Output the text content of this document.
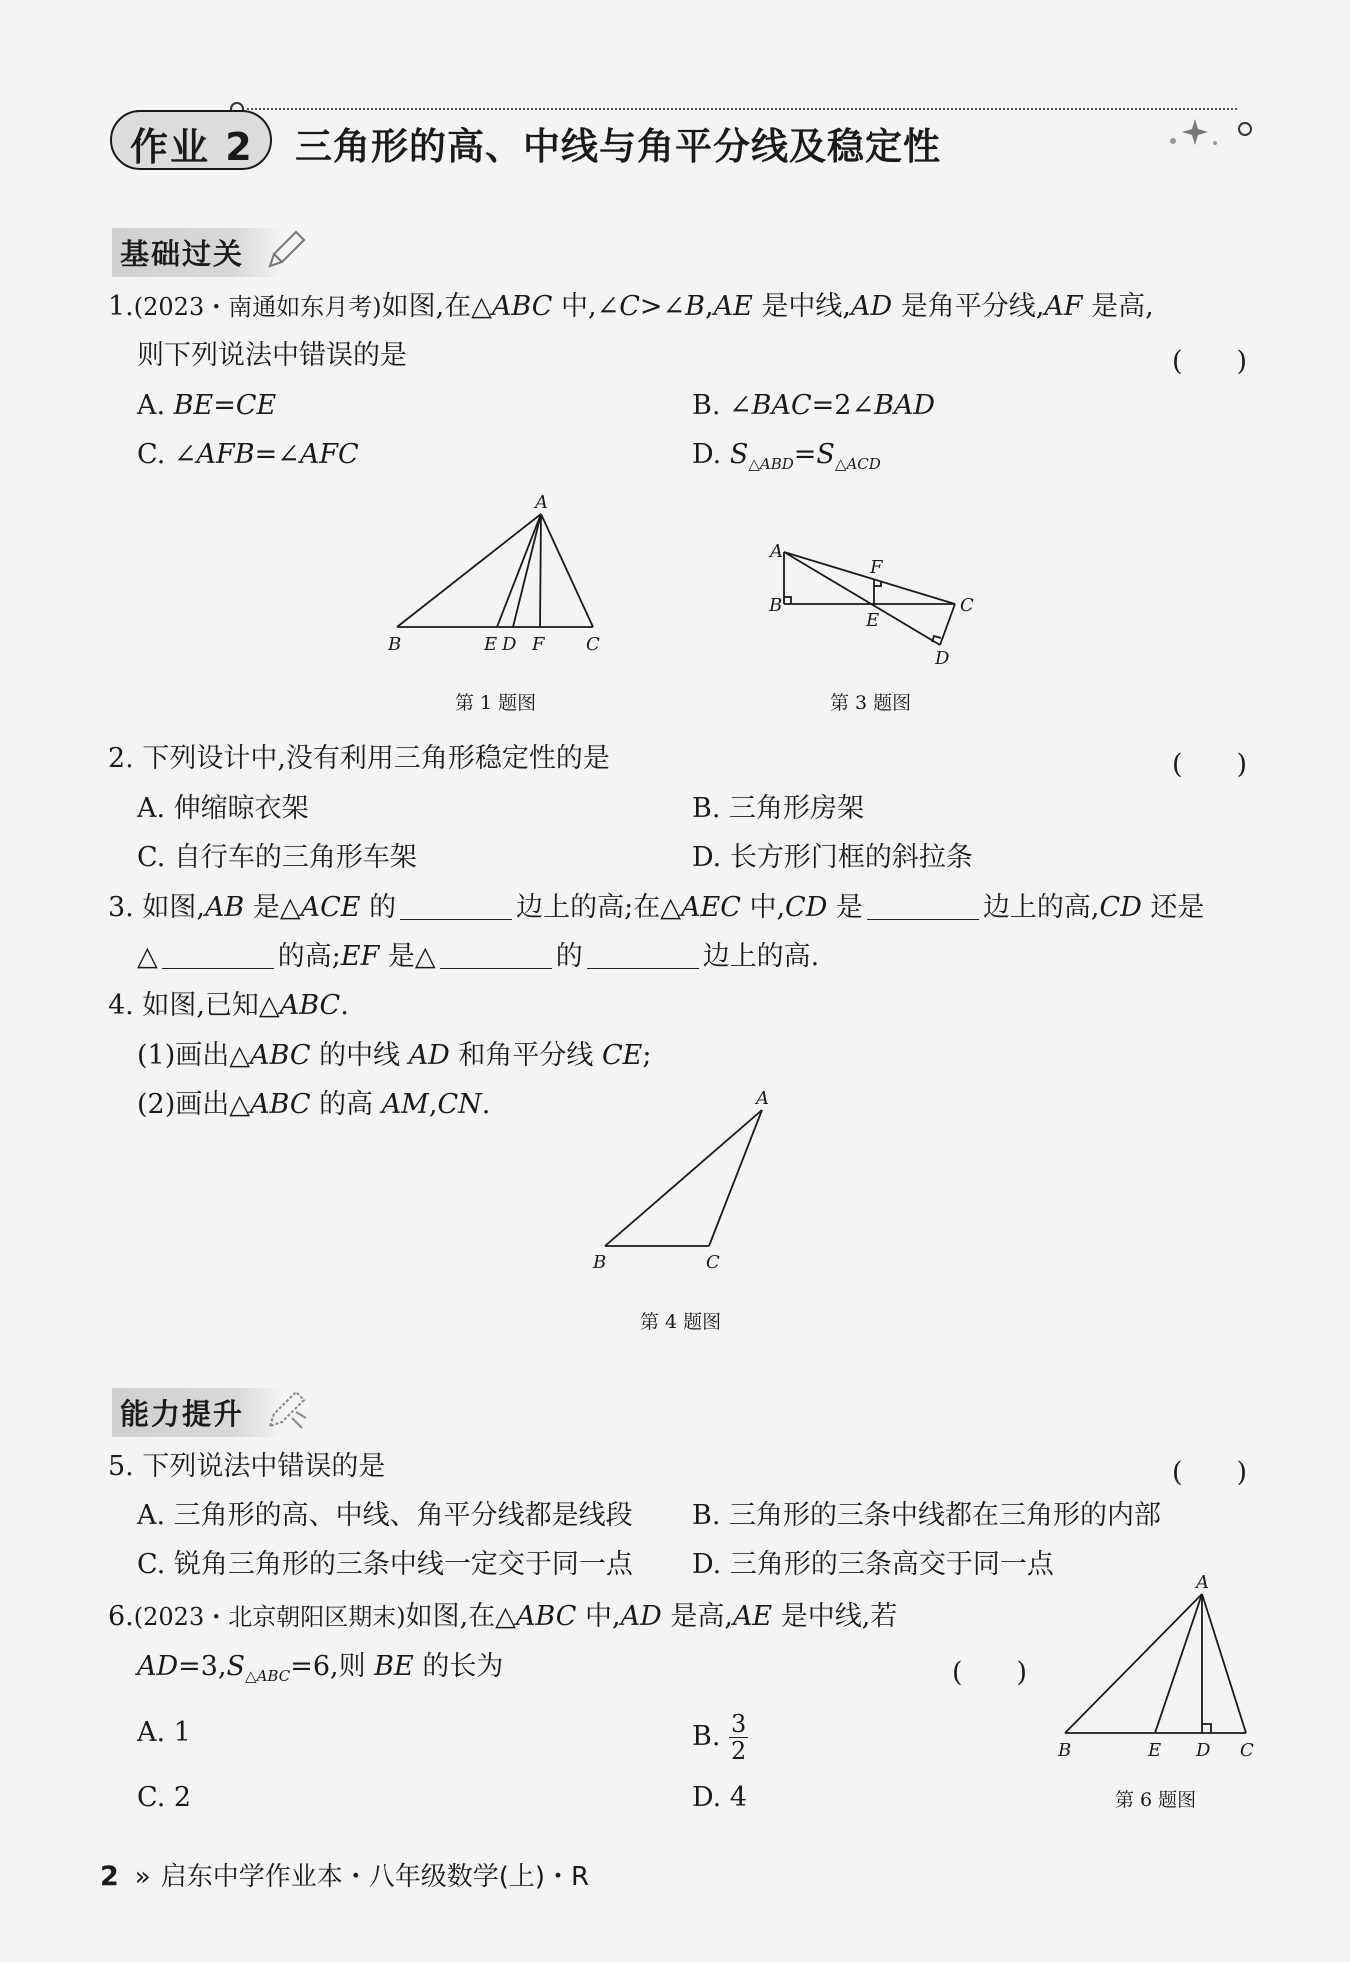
作业 2 三角形的高、中线与角平分线及稳定性
基础过关
1.(2023・南通如东月考)如图,在△ABC 中,∠C>∠B,AE 是中线,AD 是角平分线,AF 是高,
则下列说法中错误的是	(　　)
A. BE=CE	B. ∠BAC=2∠BAD
C. ∠AFB=∠AFC	D. $S_{\triangle ABD}=S_{\triangle ACD}$
A
B	E D F C
第 1 题图
A
B
F
E
C
D
第 3 题图
2. 下列设计中,没有利用三角形稳定性的是	(　　)
A. 伸缩晾衣架	B. 三角形房架
C. 自行车的三角形车架	D. 长方形门框的斜拉条
3. 如图,AB 是△ACE 的	边上的高;在△AEC 中,CD 是	边上的高,CD 还是
△	的高;EF 是△	的	边上的高.
4. 如图,已知△ABC.
(1)画出△ABC 的中线 AD 和角平分线 CE;
(2)画出△ABC 的高 AM,CN.	A
B	C
第 4 题图
能力提升
5. 下列说法中错误的是	(　　)
A. 三角形的高、中线、角平分线都是线段 B. 三角形的三条中线都在三角形的内部
C. 锐角三角形的三条中线一定交于同一点 D. 三角形的三条高交于同一点
6.(2023・北京朝阳区期末)如图,在△ABC 中,AD 是高,AE 是中线,若
$AD=3,S_{\triangle ABC}=6$,则 BE 的长为	(　　)
A. 1	B. $\frac{3}{2}$
C. 2	D. 4
A
B	E D C
第 6 题图
2 » 启东中学作业本・八年级数学(上)・R
